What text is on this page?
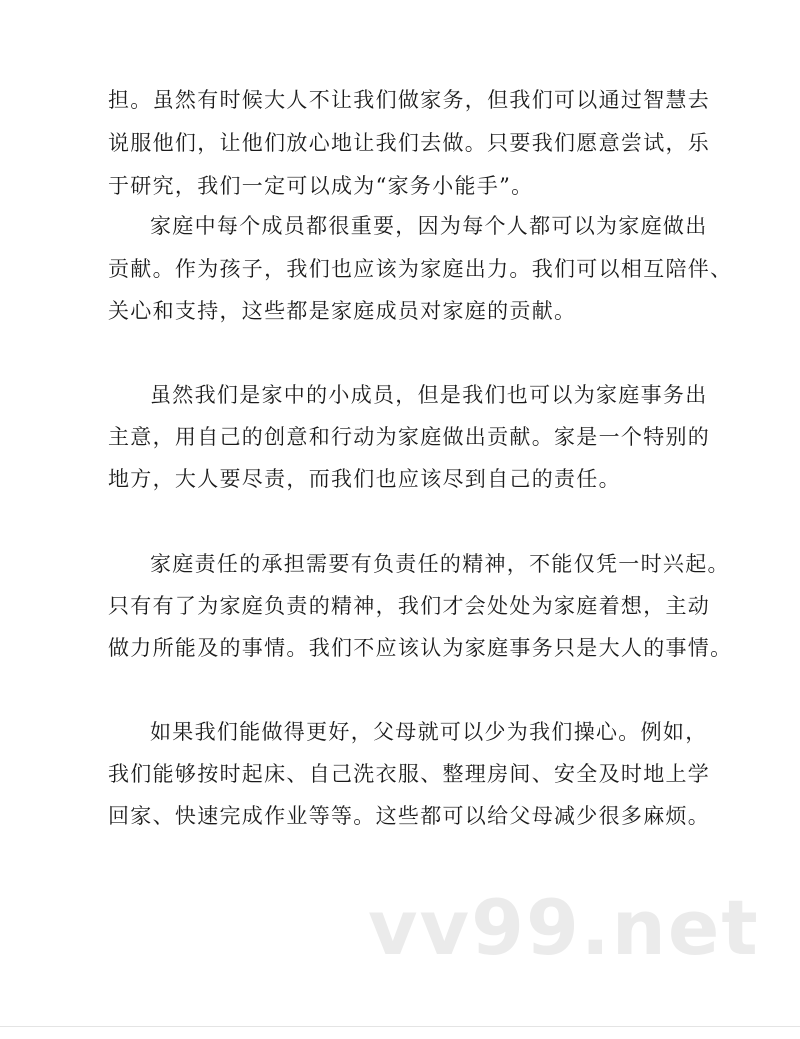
担。虽然有时候大人不让我们做家务，但我们可以通过智慧去
说服他们，让他们放心地让我们去做。只要我们愿意尝试，乐
于研究，我们一定可以成为“家务小能手”。
家庭中每个成员都很重要，因为每个人都可以为家庭做出
贡献。作为孩子，我们也应该为家庭出力。我们可以相互陪伴、
关心和支持，这些都是家庭成员对家庭的贡献。
虽然我们是家中的小成员，但是我们也可以为家庭事务出
主意，用自己的创意和行动为家庭做出贡献。家是一个特别的
地方，大人要尽责，而我们也应该尽到自己的责任。
家庭责任的承担需要有负责任的精神，不能仅凭一时兴起。
只有有了为家庭负责的精神，我们才会处处为家庭着想，主动
做力所能及的事情。我们不应该认为家庭事务只是大人的事情。
如果我们能做得更好，父母就可以少为我们操心。例如，
我们能够按时起床、自己洗衣服、整理房间、安全及时地上学
回家、快速完成作业等等。这些都可以给父母减少很多麻烦。
vv99.net
